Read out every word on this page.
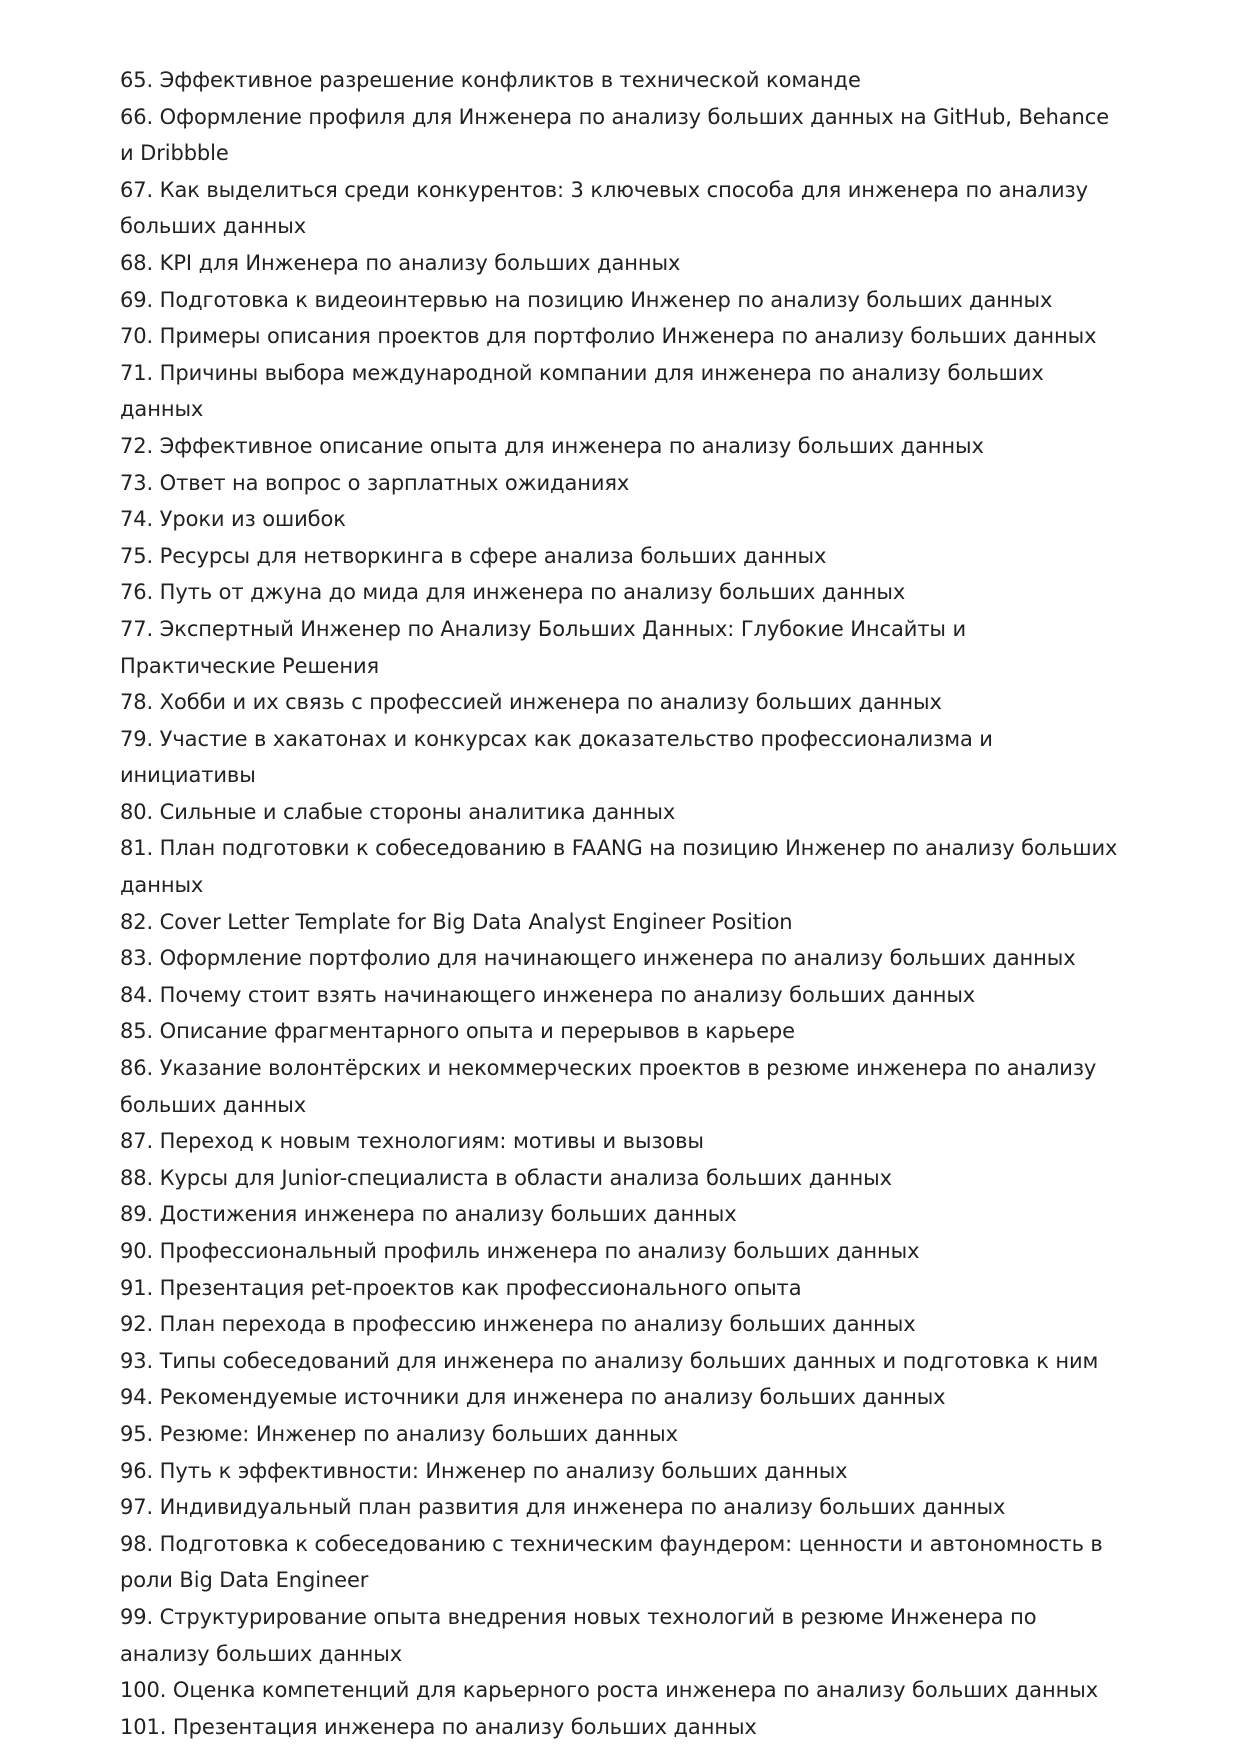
65. Эффективное разрешение конфликтов в технической команде
66. Оформление профиля для Инженера по анализу больших данных на GitHub, Behance и Dribbble
67. Как выделиться среди конкурентов: 3 ключевых способа для инженера по анализу больших данных
68. KPI для Инженера по анализу больших данных
69. Подготовка к видеоинтервью на позицию Инженер по анализу больших данных
70. Примеры описания проектов для портфолио Инженера по анализу больших данных
71. Причины выбора международной компании для инженера по анализу больших данных
72. Эффективное описание опыта для инженера по анализу больших данных
73. Ответ на вопрос о зарплатных ожиданиях
74. Уроки из ошибок
75. Ресурсы для нетворкинга в сфере анализа больших данных
76. Путь от джуна до мида для инженера по анализу больших данных
77. Экспертный Инженер по Анализу Больших Данных: Глубокие Инсайты и Практические Решения
78. Хобби и их связь с профессией инженера по анализу больших данных
79. Участие в хакатонах и конкурсах как доказательство профессионализма и инициативы
80. Сильные и слабые стороны аналитика данных
81. План подготовки к собеседованию в FAANG на позицию Инженер по анализу больших данных
82. Cover Letter Template for Big Data Analyst Engineer Position
83. Оформление портфолио для начинающего инженера по анализу больших данных
84. Почему стоит взять начинающего инженера по анализу больших данных
85. Описание фрагментарного опыта и перерывов в карьере
86. Указание волонтёрских и некоммерческих проектов в резюме инженера по анализу больших данных
87. Переход к новым технологиям: мотивы и вызовы
88. Курсы для Junior-специалиста в области анализа больших данных
89. Достижения инженера по анализу больших данных
90. Профессиональный профиль инженера по анализу больших данных
91. Презентация pet-проектов как профессионального опыта
92. План перехода в профессию инженера по анализу больших данных
93. Типы собеседований для инженера по анализу больших данных и подготовка к ним
94. Рекомендуемые источники для инженера по анализу больших данных
95. Резюме: Инженер по анализу больших данных
96. Путь к эффективности: Инженер по анализу больших данных
97. Индивидуальный план развития для инженера по анализу больших данных
98. Подготовка к собеседованию с техническим фаундером: ценности и автономность в роли Big Data Engineer
99. Структурирование опыта внедрения новых технологий в резюме Инженера по анализу больших данных
100. Оценка компетенций для карьерного роста инженера по анализу больших данных
101. Презентация инженера по анализу больших данных
